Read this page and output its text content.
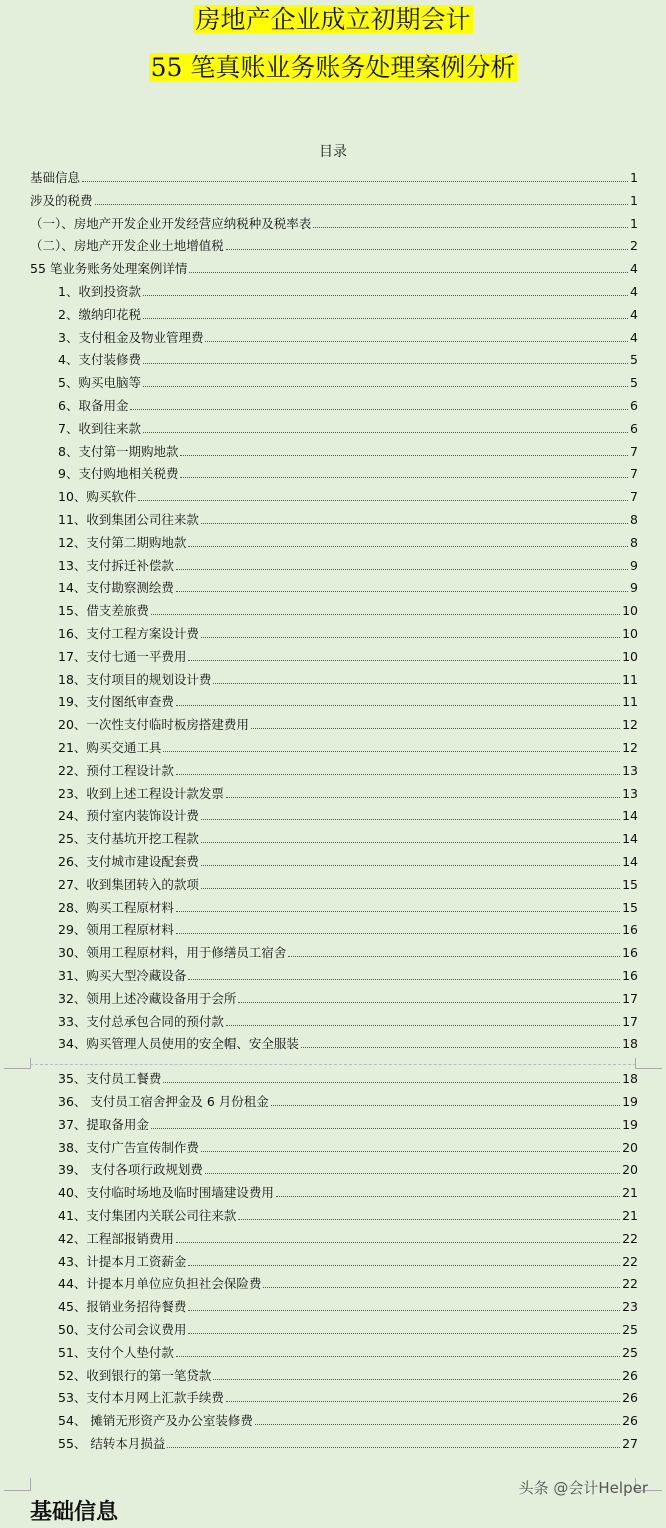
房地产企业成立初期会计
55 笔真账业务账务处理案例分析
目录
基础信息	1
涉及的税费	1
（一）、房地产开发企业开发经营应纳税种及税率表	1
（二）、房地产开发企业土地增值税	2
55 笔业务账务处理案例详情	4
1、收到投资款	4
2、缴纳印花税	4
3、支付租金及物业管理费	4
4、支付装修费	5
5、购买电脑等	5
6、取备用金	6
7、收到往来款	6
8、支付第一期购地款	7
9、支付购地相关税费	7
10、购买软件	7
11、收到集团公司往来款	8
12、支付第二期购地款	8
13、支付拆迁补偿款	9
14、支付勘察测绘费	9
15、借支差旅费	10
16、支付工程方案设计费	10
17、支付七通一平费用	10
18、支付项目的规划设计费	11
19、支付图纸审查费	11
20、一次性支付临时板房搭建费用	12
21、购买交通工具	12
22、预付工程设计款	13
23、收到上述工程设计款发票	13
24、预付室内装饰设计费	14
25、支付基坑开挖工程款	14
26、支付城市建设配套费	14
27、收到集团转入的款项	15
28、购买工程原材料	15
29、领用工程原材料	16
30、领用工程原材料，用于修缮员工宿舍	16
31、购买大型冷藏设备	16
32、领用上述冷藏设备用于会所	17
33、支付总承包合同的预付款	17
34、购买管理人员使用的安全帽、安全服装	18
35、支付员工餐费	18
36、 支付员工宿舍押金及 6 月份租金	19
37、提取备用金	19
38、支付广告宣传制作费	20
39、 支付各项行政规划费	20
40、支付临时场地及临时围墙建设费用	21
41、支付集团内关联公司往来款	21
42、工程部报销费用	22
43、计提本月工资薪金	22
44、计提本月单位应负担社会保险费	22
45、报销业务招待餐费	23
50、支付公司会议费用	25
51、支付个人垫付款	25
52、收到银行的第一笔贷款	26
53、支付本月网上汇款手续费	26
54、 摊销无形资产及办公室装修费	26
55、 结转本月损益	27
基础信息
头条 @会计Helper
